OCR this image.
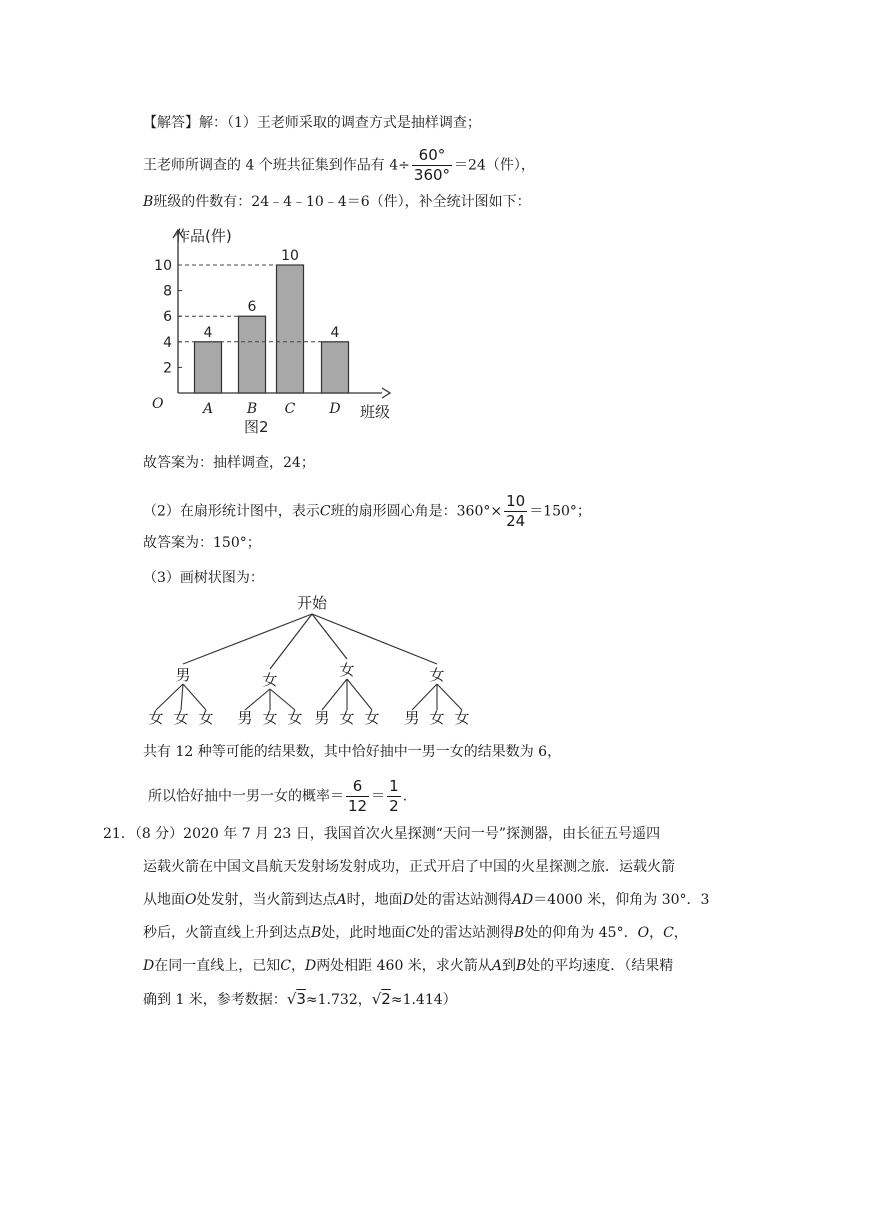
【解答】解：（1）王老师采取的调查方式是抽样调查；
王老师所调查的 4 个班共征集到作品有 $4\div \frac{60^\circ}{360^\circ} =24$（件），
B班级的件数有：24﹣4﹣10﹣4＝6（件），补全统计图如下：
2
4
6
8
10
4
A
6
B
10
C
4
D
作品(件)
班级
O
图2
故答案为：抽样调查，24；
（2）在扇形统计图中，表示C班的扇形圆心角是：$360^\circ\times \frac{10}{24} =150^\circ$；
故答案为：150°；
（3）画树状图为：
开始
男
女 女 女
女
男 女 女
女
男 女 女
女
男 女 女
共有 12 种等可能的结果数，其中恰好抽中一男一女的结果数为 6，
所以恰好抽中一男一女的概率＝ $\frac{6}{12} = \frac{1}{2}$ .
21．（8 分）2020 年 7 月 23 日，我国首次火星探测“天问一号”探测器，由长征五号遥四
运载火箭在中国文昌航天发射场发射成功，正式开启了中国的火星探测之旅．运载火箭
从地面O处发射，当火箭到达点A时，地面D处的雷达站测得AD＝4000 米，仰角为 30°．3
秒后，火箭直线上升到达点B处，此时地面C处的雷达站测得B处的仰角为 45°．O，C，
D在同一直线上，已知C，D两处相距 460 米，求火箭从A到B处的平均速度．（结果精
确到 1 米，参考数据：√3≈1.732，√2≈1.414）
